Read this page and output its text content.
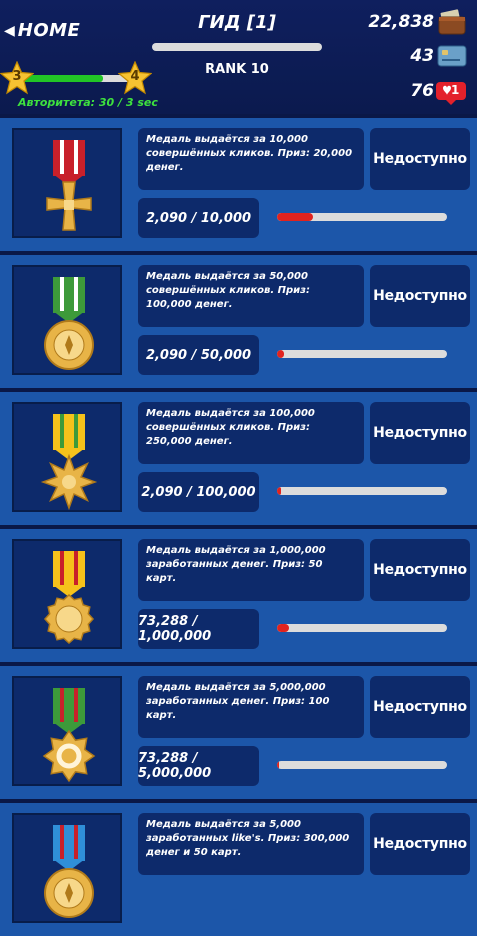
◀ HOME	ГИД [1]
RANK 10
3	4
Авторитета: 30 / 3 sec
22,838
43
76 1
Медаль выдаётся за 10,000 совершённых кликов. Приз: 20,000 денег.
Недоступно
2,090 / 10,000
Медаль выдаётся за 50,000 совершённых кликов. Приз: 100,000 денег.
Недоступно
2,090 / 50,000
Медаль выдаётся за 100,000 совершённых кликов. Приз: 250,000 денег.
Недоступно
2,090 / 100,000
Медаль выдаётся за 1,000,000 заработанных денег. Приз: 50 карт.
Недоступно
73,288 / 1,000,000
Медаль выдаётся за 5,000,000 заработанных денег. Приз: 100 карт.
Недоступно
73,288 / 5,000,000
Медаль выдаётся за 5,000 заработанных like's. Приз: 300,000 денег и 50 карт.
Недоступно
